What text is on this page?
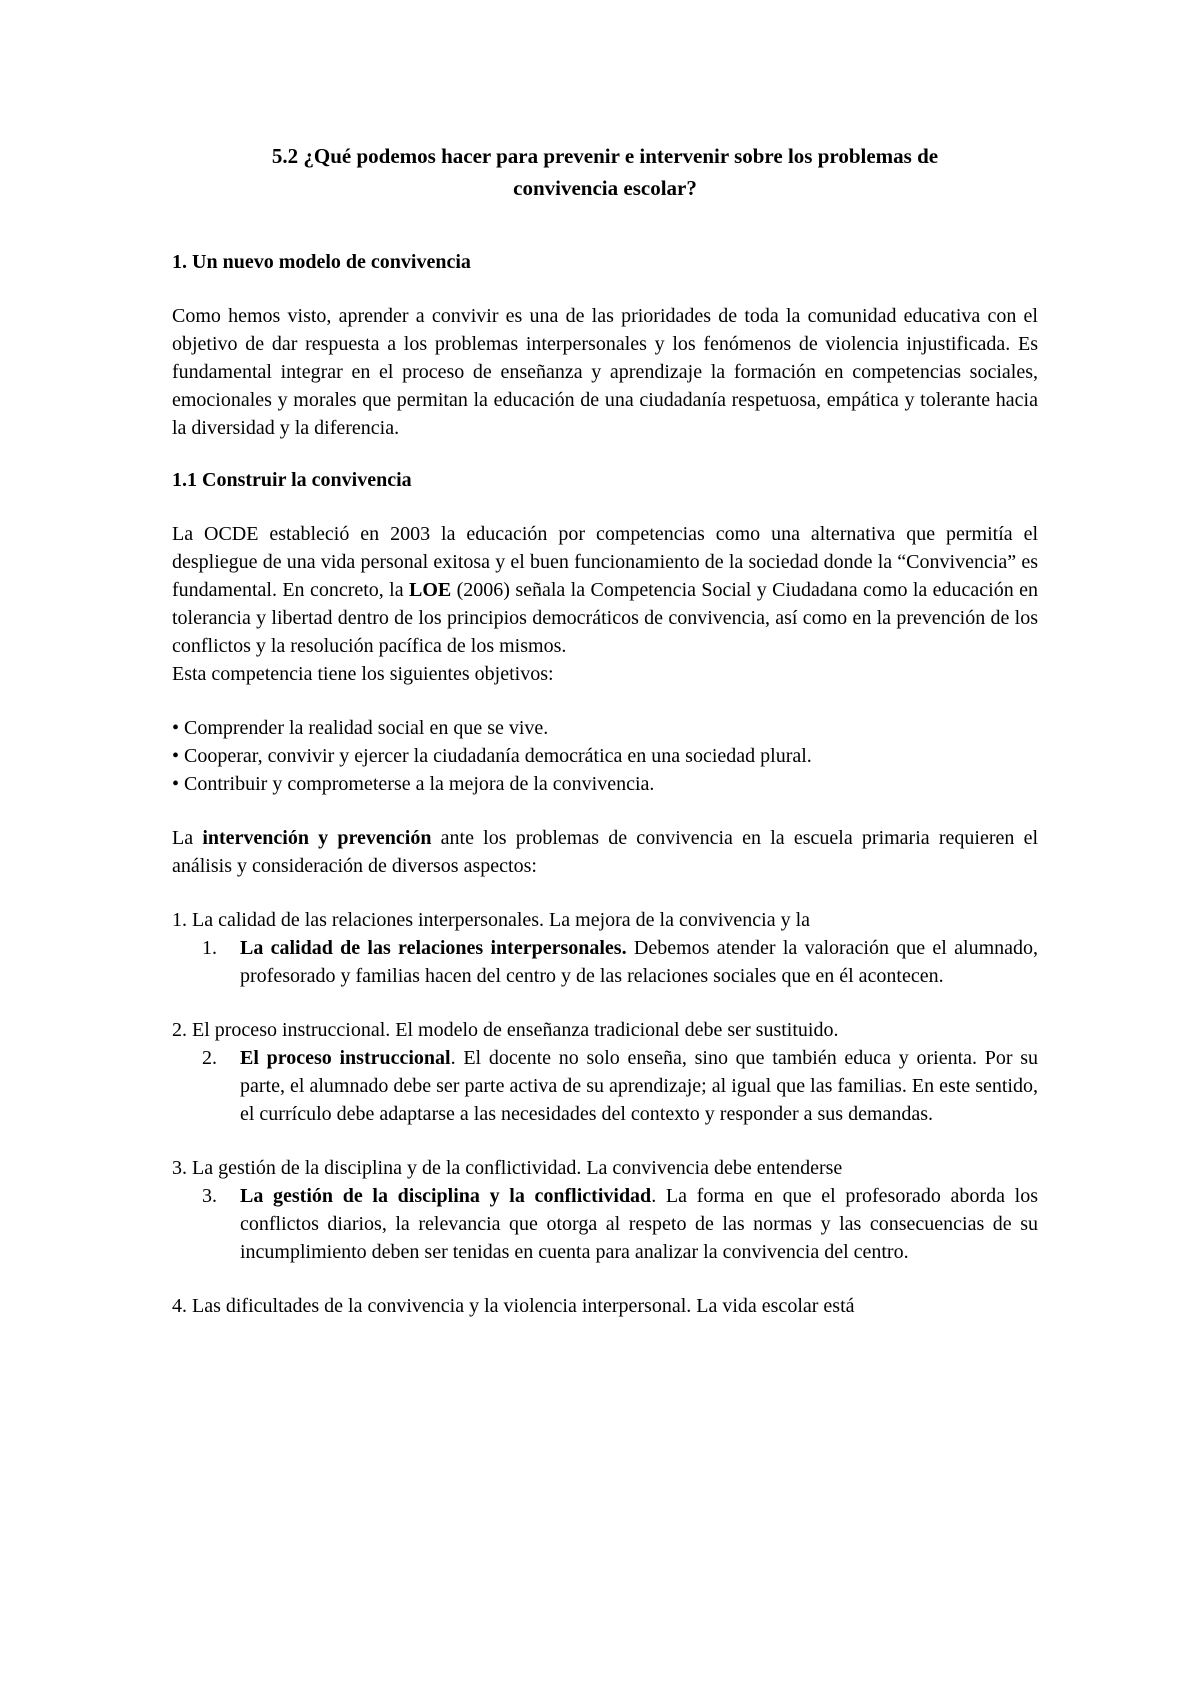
5.2 ¿Qué podemos hacer para prevenir e intervenir sobre los problemas de
convivencia escolar?

1. Un nuevo modelo de convivencia

Como hemos visto, aprender a convivir es una de las prioridades de toda la comunidad educativa con el objetivo de dar respuesta a los problemas interpersonales y los fenómenos de violencia injustificada. Es fundamental integrar en el proceso de enseñanza y aprendizaje la formación en competencias sociales, emocionales y morales que permitan la educación de una ciudadanía respetuosa, empática y tolerante hacia la diversidad y la diferencia.

1.1 Construir la convivencia

La OCDE estableció en 2003 la educación por competencias como una alternativa que permitía el despliegue de una vida personal exitosa y el buen funcionamiento de la sociedad donde la “Convivencia” es fundamental. En concreto, la LOE (2006) señala la Competencia Social y Ciudadana como la educación en tolerancia y libertad dentro de los principios democráticos de convivencia, así como en la prevención de los conflictos y la resolución pacífica de los mismos.

Esta competencia tiene los siguientes objetivos:

• Comprender la realidad social en que se vive.
• Cooperar, convivir y ejercer la ciudadanía democrática en una sociedad plural.
• Contribuir y comprometerse a la mejora de la convivencia.

La intervención y prevención ante los problemas de convivencia en la escuela primaria requieren el análisis y consideración de diversos aspectos:

1. La calidad de las relaciones interpersonales. La mejora de la convivencia y la

1.	La calidad de las relaciones interpersonales. Debemos atender la valoración que el alumnado, profesorado y familias hacen del centro y de las relaciones sociales que en él acontecen.

2. El proceso instruccional. El modelo de enseñanza tradicional debe ser sustituido.

2.	El proceso instruccional. El docente no solo enseña, sino que también educa y orienta. Por su parte, el alumnado debe ser parte activa de su aprendizaje; al igual que las familias. En este sentido, el currículo debe adaptarse a las necesidades del contexto y responder a sus demandas.

3. La gestión de la disciplina y de la conflictividad. La convivencia debe entenderse

3.	La gestión de la disciplina y la conflictividad. La forma en que el profesorado aborda los conflictos diarios, la relevancia que otorga al respeto de las normas y las consecuencias de su incumplimiento deben ser tenidas en cuenta para analizar la convivencia del centro.

4. Las dificultades de la convivencia y la violencia interpersonal. La vida escolar está
